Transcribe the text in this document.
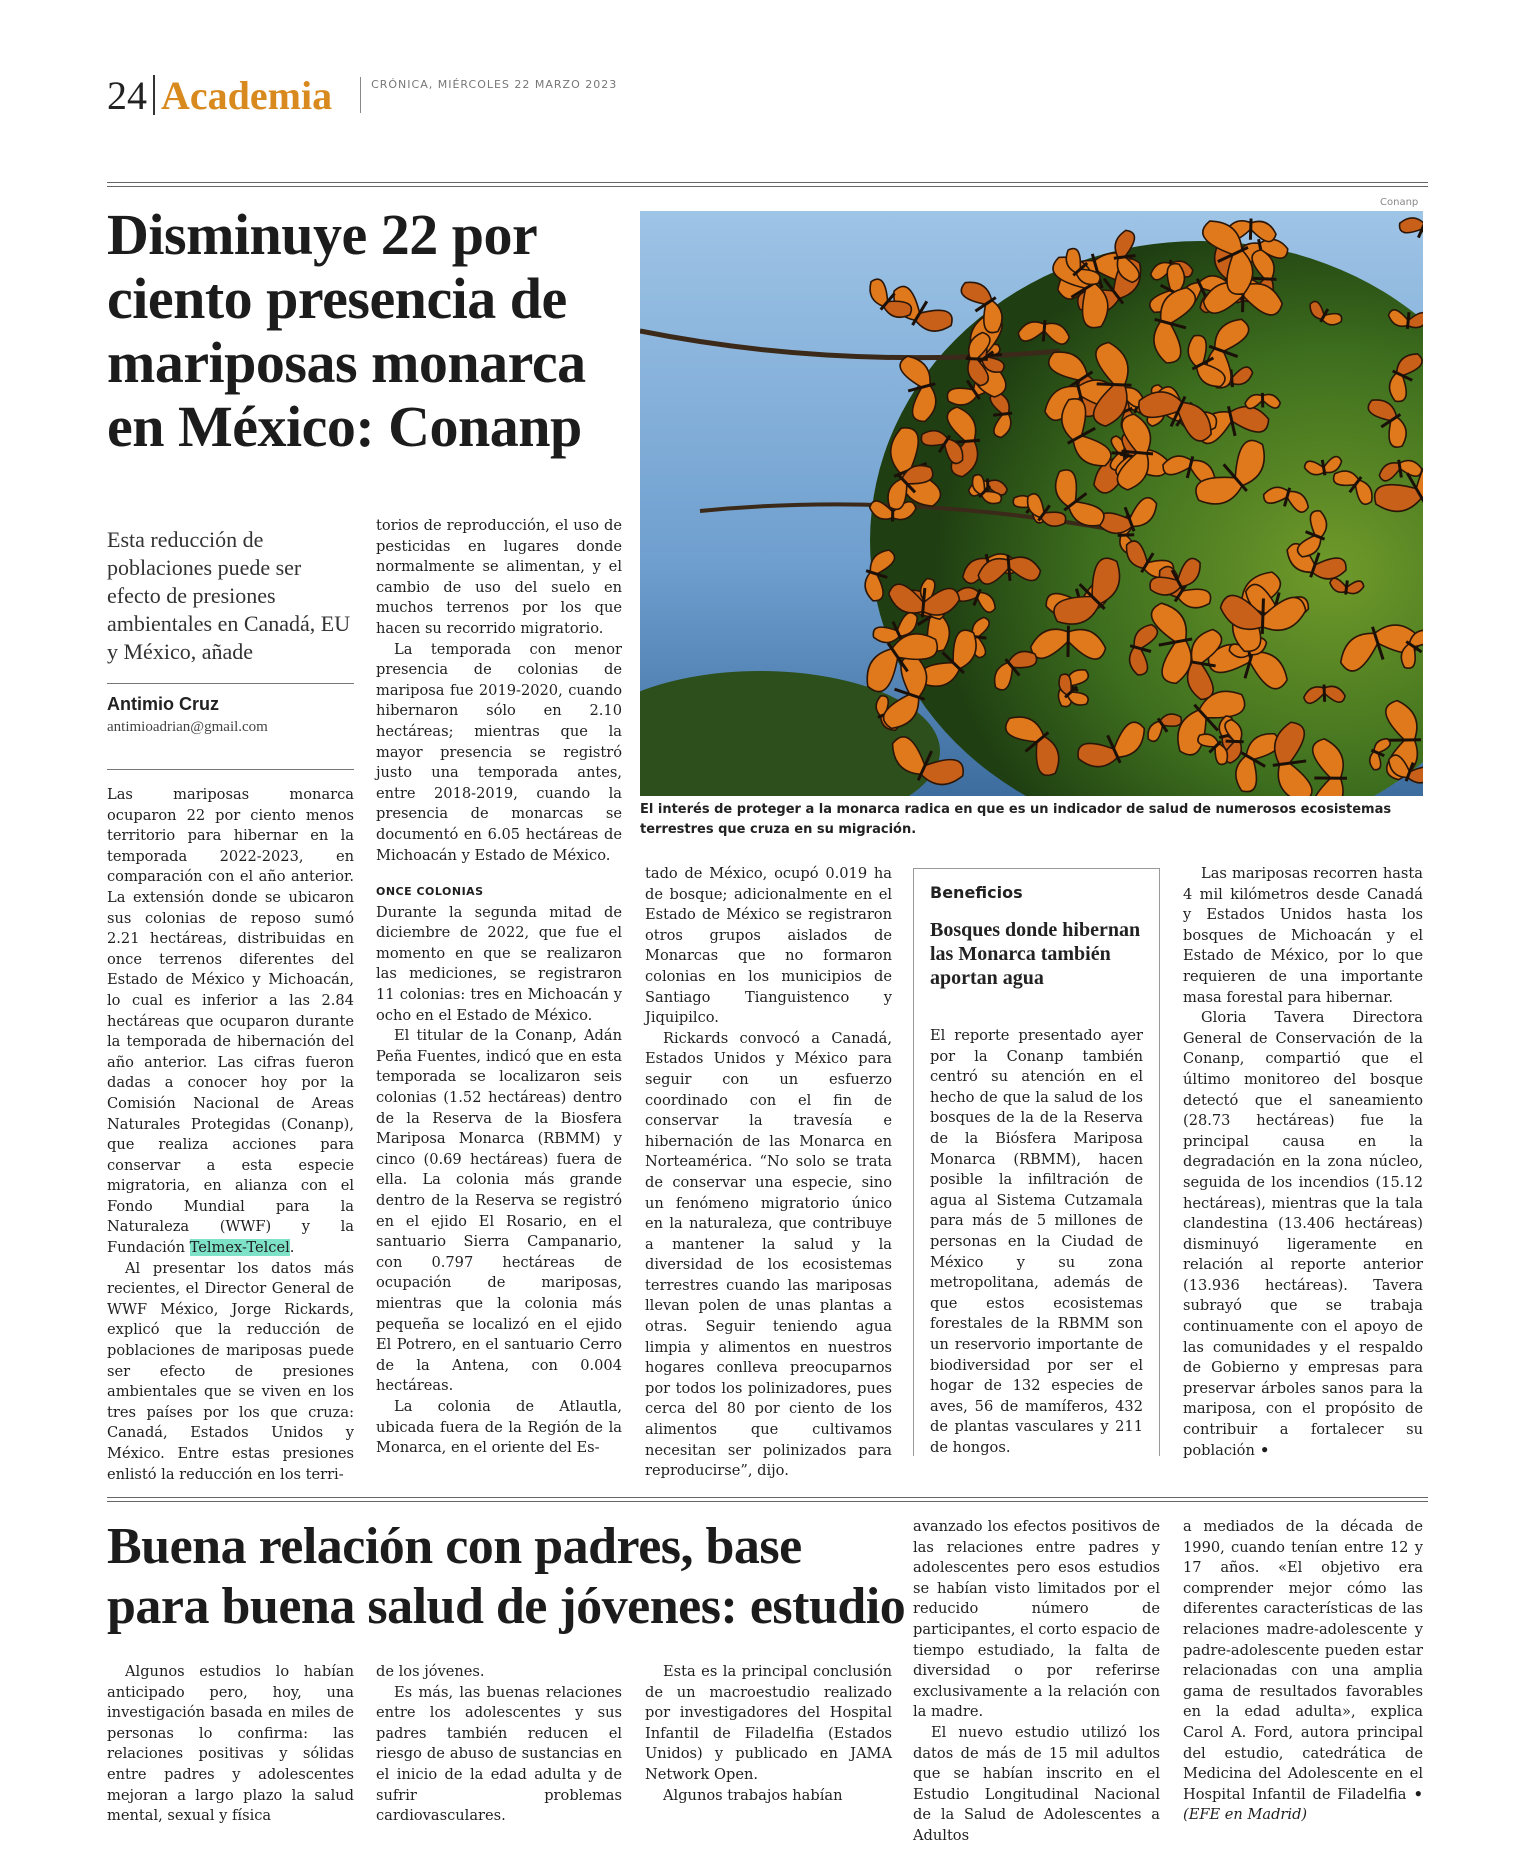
24 Academia	CRÓNICA, MIÉRCOLES 22 MARZO 2023
Disminuye 22 por ciento presencia de mariposas monarca en México: Conanp
Conanp
El interés de proteger a la monarca radica en que es un indicador de salud de numerosos ecosistemas terrestres que cruza en su migración.
Esta reducción de poblaciones puede ser efecto de presiones ambientales en Canadá, EU y México, añade
Antimio Cruz
antimioadrian@gmail.com

Las mariposas monarca ocuparon 22 por ciento menos territorio para hibernar en la temporada 2022-2023, en comparación con el año anterior. La extensión donde se ubicaron sus colonias de reposo sumó 2.21 hectáreas, distribuidas en once terrenos diferentes del Estado de México y Michoacán, lo cual es inferior a las 2.84 hectáreas que ocuparon durante la temporada de hibernación del año anterior. Las cifras fueron dadas a conocer hoy por la Comisión Nacional de Areas Naturales Protegidas (Conanp), que realiza acciones para conservar a esta especie migratoria, en alianza con el Fondo Mundial para la Naturaleza (WWF) y la Fundación Telmex-Telcel.

Al presentar los datos más recientes, el Director General de WWF México, Jorge Rickards, explicó que la reducción de poblaciones de mariposas puede ser efecto de presiones ambientales que se viven en los tres países por los que cruza: Canadá, Estados Unidos y México. Entre estas presiones enlistó la reducción en los terri-

torios de reproducción, el uso de pesticidas en lugares donde normalmente se alimentan, y el cambio de uso del suelo en muchos terrenos por los que hacen su recorrido migratorio.

La temporada con menor presencia de colonias de mariposa fue 2019-2020, cuando hibernaron sólo en 2.10 hectáreas; mientras que la mayor presencia se registró justo una temporada antes, entre 2018-2019, cuando la presencia de monarcas se documentó en 6.05 hectáreas de Michoacán y Estado de México.

ONCE COLONIAS

Durante la segunda mitad de diciembre de 2022, que fue el momento en que se realizaron las mediciones, se registraron 11 colonias: tres en Michoacán y ocho en el Estado de México.

El titular de la Conanp, Adán Peña Fuentes, indicó que en esta temporada se localizaron seis colonias (1.52 hectáreas) dentro de la Reserva de la Biosfera Mariposa Monarca (RBMM) y cinco (0.69 hectáreas) fuera de ella. La colonia más grande dentro de la Reserva se registró en el ejido El Rosario, en el santuario Sierra Campanario, con 0.797 hectáreas de ocupación de mariposas, mientras que la colonia más pequeña se localizó en el ejido El Potrero, en el santuario Cerro de la Antena, con 0.004 hectáreas.

La colonia de Atlautla, ubicada fuera de la Región de la Monarca, en el oriente del Es-

tado de México, ocupó 0.019 ha de bosque; adicionalmente en el Estado de México se registraron otros grupos aislados de Monarcas que no formaron colonias en los municipios de Santiago Tianguistenco y Jiquipilco.

Rickards convocó a Canadá, Estados Unidos y México para seguir con un esfuerzo coordinado con el fin de conservar la travesía e hibernación de las Monarca en Norteamérica. “No solo se trata de conservar una especie, sino un fenómeno migratorio único en la naturaleza, que contribuye a mantener la salud y la diversidad de los ecosistemas terrestres cuando las mariposas llevan polen de unas plantas a otras. Seguir teniendo agua limpia y alimentos en nuestros hogares conlleva preocuparnos por todos los polinizadores, pues cerca del 80 por ciento de los alimentos que cultivamos necesitan ser polinizados para reproducirse”, dijo.

Beneficios
Bosques donde hibernan las Monarca también aportan agua
El reporte presentado ayer por la Conanp también centró su atención en el hecho de que la salud de los bosques de la de la Reserva de la Biósfera Mariposa Monarca (RBMM), hacen posible la infiltración de agua al Sistema Cutzamala para más de 5 millones de personas en la Ciudad de México y su zona metropolitana, además de que estos ecosistemas forestales de la RBMM son un reservorio importante de biodiversidad por ser el hogar de 132 especies de aves, 56 de mamíferos, 432 de plantas vasculares y 211 de hongos.

Las mariposas recorren hasta 4 mil kilómetros desde Canadá y Estados Unidos hasta los bosques de Michoacán y el Estado de México, por lo que requieren de una importante masa forestal para hibernar.

Gloria Tavera Directora General de Conservación de la Conanp, compartió que el último monitoreo del bosque detectó que el saneamiento (28.73 hectáreas) fue la principal causa en la degradación en la zona núcleo, seguida de los incendios (15.12 hectáreas), mientras que la tala clandestina (13.406 hectáreas) disminuyó ligeramente en relación al reporte anterior (13.936 hectáreas). Tavera subrayó que se trabaja continuamente con el apoyo de las comunidades y el respaldo de Gobierno y empresas para preservar árboles sanos para la mariposa, con el propósito de contribuir a fortalecer su población •

Buena relación con padres, base para buena salud de jóvenes: estudio

Algunos estudios lo habían anticipado pero, hoy, una investigación basada en miles de personas lo confirma: las relaciones positivas y sólidas entre padres y adolescentes mejoran a largo plazo la salud mental, sexual y física

de los jóvenes.

Es más, las buenas relaciones entre los adolescentes y sus padres también reducen el riesgo de abuso de sustancias en el inicio de la edad adulta y de sufrir problemas cardiovasculares.

Esta es la principal conclusión de un macroestudio realizado por investigadores del Hospital Infantil de Filadelfia (Estados Unidos) y publicado en JAMA Network Open.

Algunos trabajos habían

avanzado los efectos positivos de las relaciones entre padres y adolescentes pero esos estudios se habían visto limitados por el reducido número de participantes, el corto espacio de tiempo estudiado, la falta de diversidad o por referirse exclusivamente a la relación con la madre.

El nuevo estudio utilizó los datos de más de 15 mil adultos que se habían inscrito en el Estudio Longitudinal Nacional de la Salud de Adolescentes a Adultos

a mediados de la década de 1990, cuando tenían entre 12 y 17 años. «El objetivo era comprender mejor cómo las diferentes características de las relaciones madre-adolescente y padre-adolescente pueden estar relacionadas con una amplia gama de resultados favorables en la edad adulta», explica Carol A. Ford, autora principal del estudio, catedrática de Medicina del Adolescente en el Hospital Infantil de Filadelfia • (EFE en Madrid)
